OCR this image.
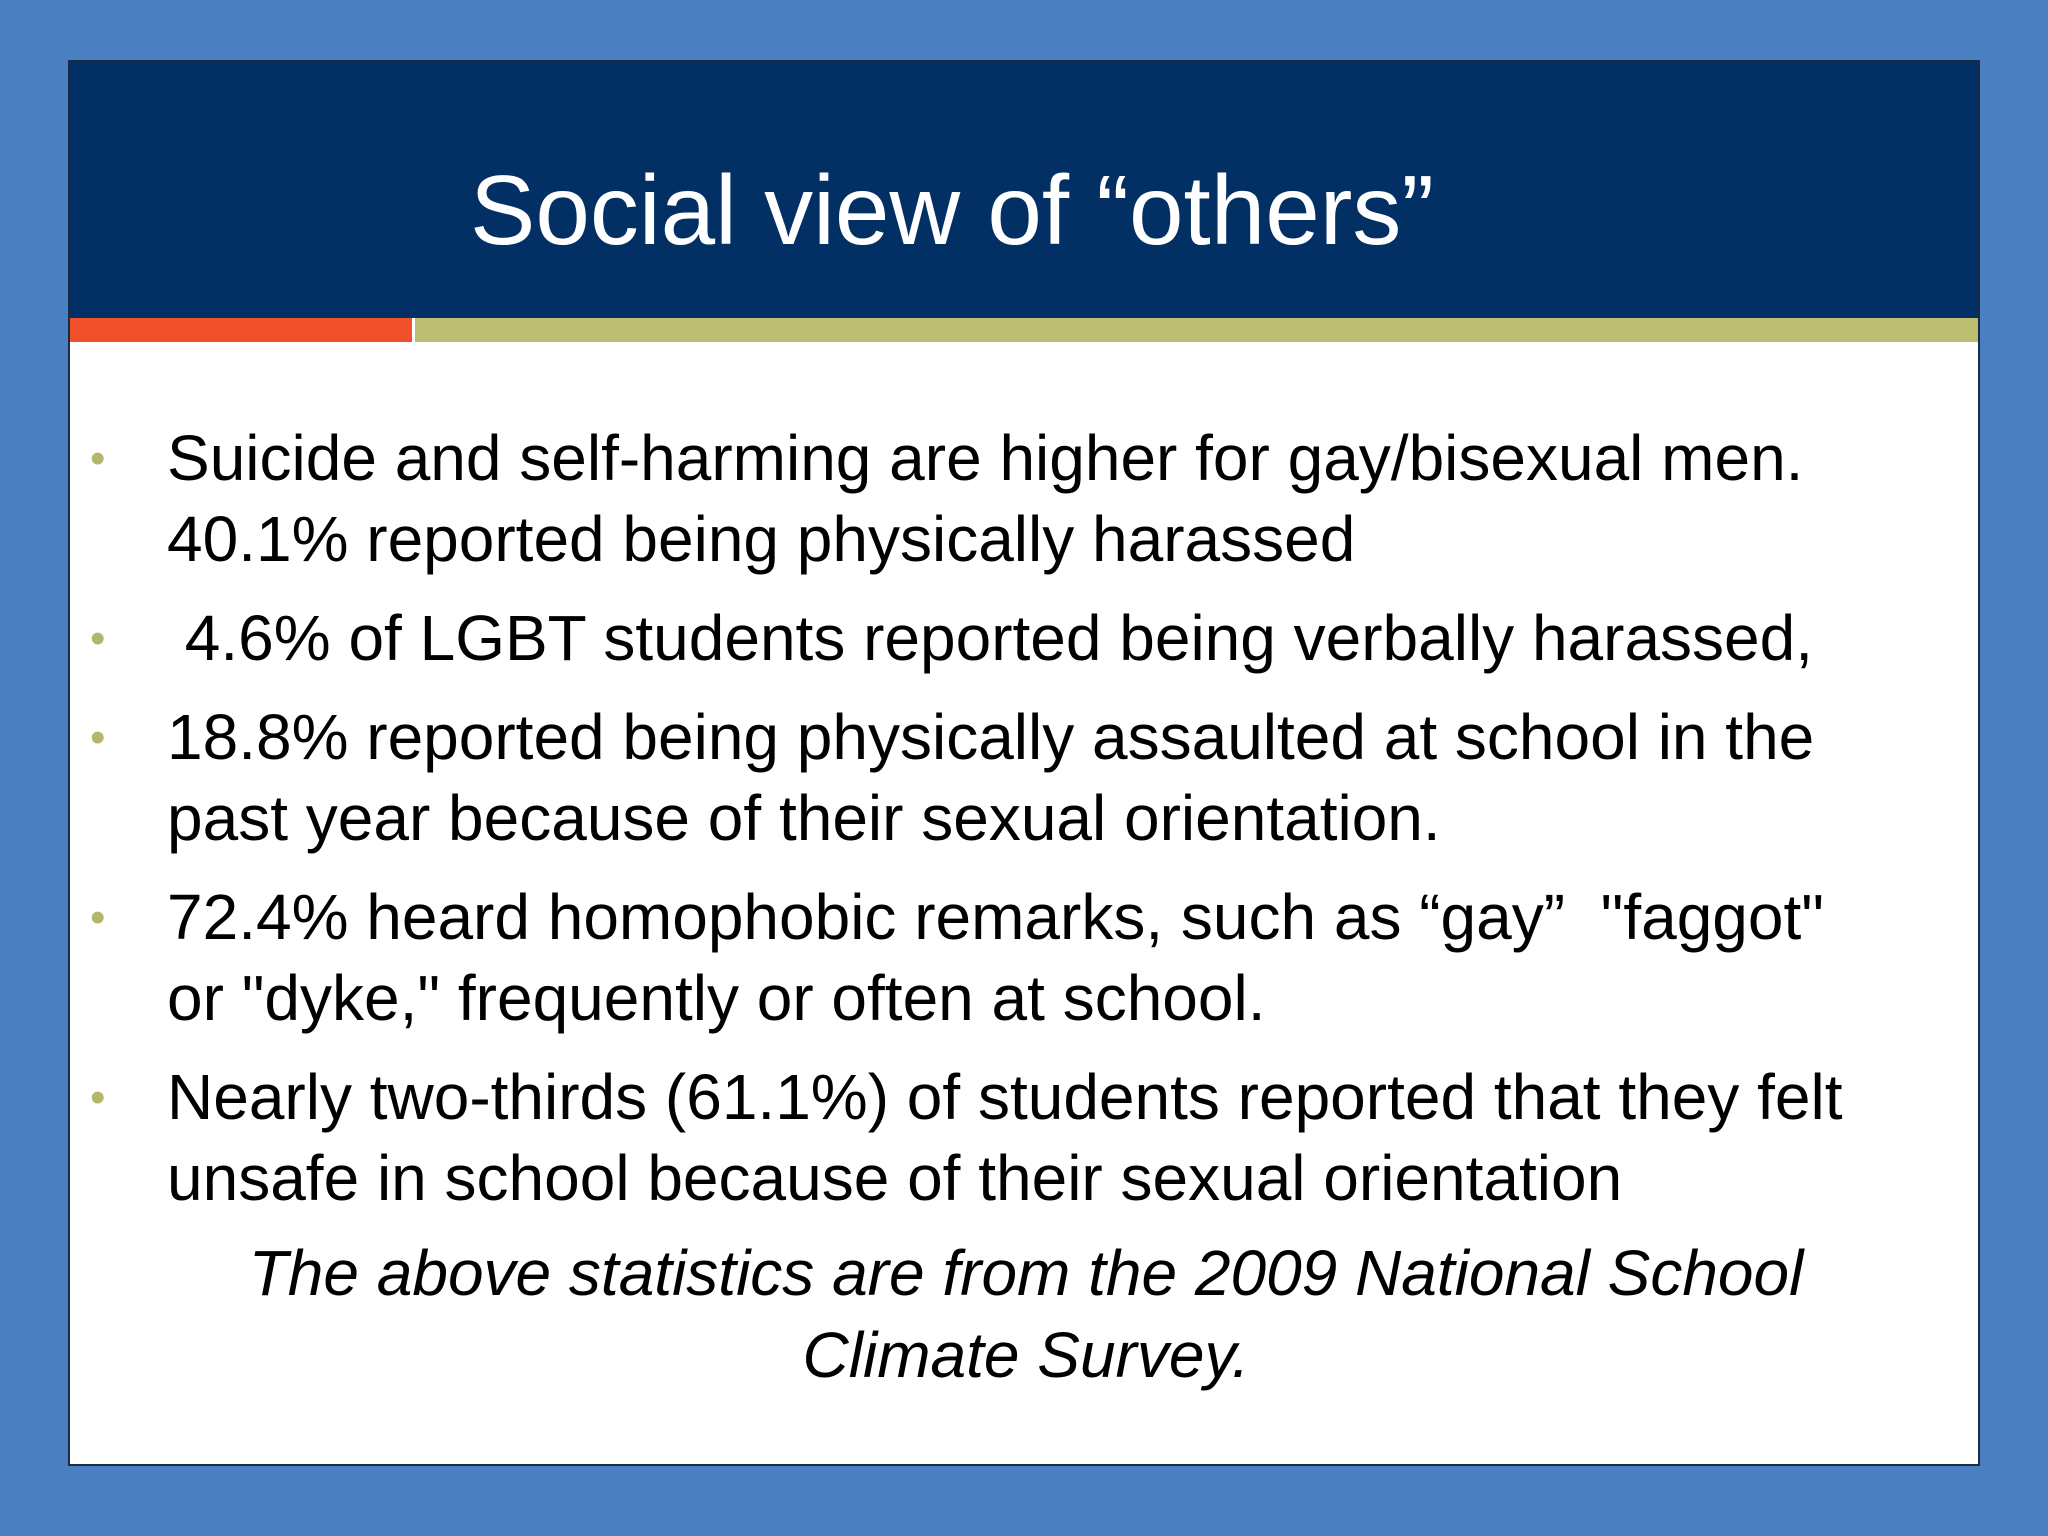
Social view of “others”
• Suicide and self-harming are higher for gay/bisexual men.
40.1% reported being physically harassed
• 4.6% of LGBT students reported being verbally harassed,
• 18.8% reported being physically assaulted at school in the
past year because of their sexual orientation.
• 72.4% heard homophobic remarks, such as “gay”  "faggot"
or "dyke," frequently or often at school.
• Nearly two-thirds (61.1%) of students reported that they felt
unsafe in school because of their sexual orientation
The above statistics are from the 2009 National School
Climate Survey.
